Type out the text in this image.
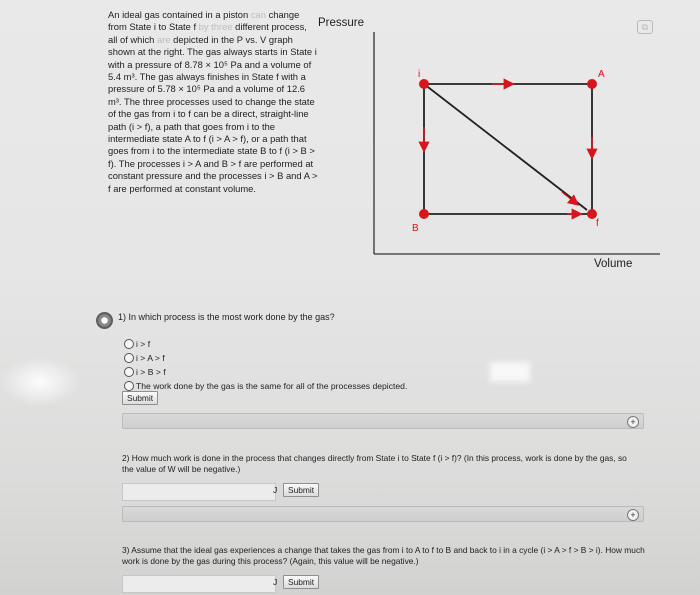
⧉
An ideal gas contained in a piston can change from State i to State f by three different process, all of which are depicted in the P vs. V graph shown at the right. The gas always starts in State i with a pressure of 8.78 × 10⁵ Pa and a volume of 5.4 m³. The gas always finishes in State f with a pressure of 5.78 × 10⁵ Pa and a volume of 12.6 m³. The three processes used to change the state of the gas from i to f can be a direct, straight-line path (i > f), a path that goes from i to the intermediate state A to f (i > A > f), or a path that goes from i to the intermediate state B to f (i > B > f). The processes i > A and B > f are performed at constant pressure and the processes i > B and A > f are performed at constant volume.
Pressure
Volume
i	A
B	f
1) In which process is the most work done by the gas?
i > f
i > A > f
i > B > f
The work done by the gas is the same for all of the processes depicted.
Submit
+
2) How much work is done in the process that changes directly from State i to State f (i > f)? (In this process, work is done by the gas, so the value of W will be negative.)
J	Submit
+
3) Assume that the ideal gas experiences a change that takes the gas from i to A to f to B and back to i in a cycle (i > A > f > B > i). How much work is done by the gas during this process? (Again, this value will be negative.)
J	Submit
